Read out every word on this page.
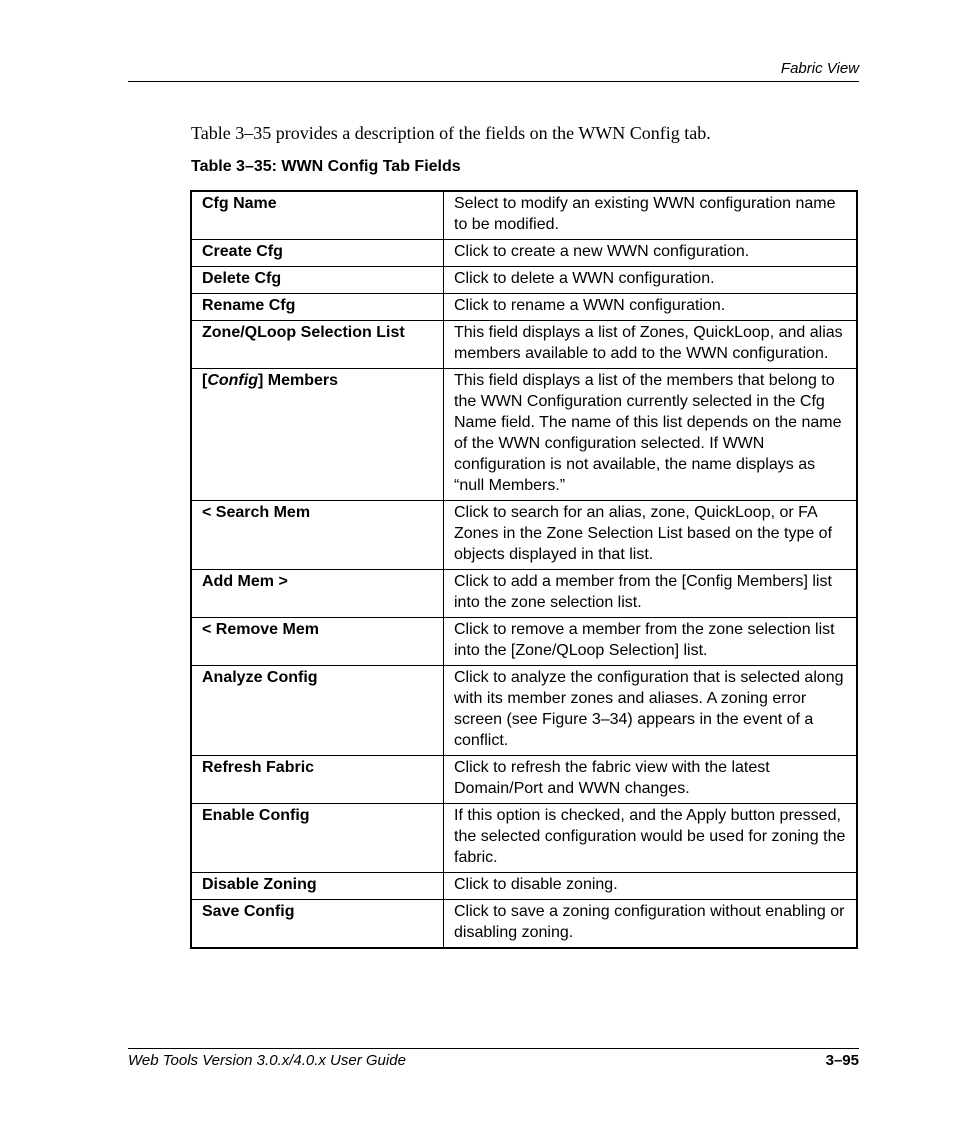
Fabric View
Table 3–35 provides a description of the fields on the WWN Config tab.
Table 3–35: WWN Config Tab Fields
Cfg Name	Select to modify an existing WWN configuration name to be modified.
Create Cfg	Click to create a new WWN configuration.
Delete Cfg	Click to delete a WWN configuration.
Rename Cfg	Click to rename a WWN configuration.
Zone/QLoop Selection List	This field displays a list of Zones, QuickLoop, and alias members available to add to the WWN configuration.
[Config] Members	This field displays a list of the members that belong to the WWN Configuration currently selected in the Cfg Name field. The name of this list depends on the name of the WWN configuration selected. If WWN configuration is not available, the name displays as “null Members.”
< Search Mem	Click to search for an alias, zone, QuickLoop, or FA Zones in the Zone Selection List based on the type of objects displayed in that list.
Add Mem >	Click to add a member from the [Config Members] list into the zone selection list.
< Remove Mem	Click to remove a member from the zone selection list into the [Zone/QLoop Selection] list.
Analyze Config	Click to analyze the configuration that is selected along with its member zones and aliases. A zoning error screen (see Figure 3–34) appears in the event of a conflict.
Refresh Fabric	Click to refresh the fabric view with the latest Domain/Port and WWN changes.
Enable Config	If this option is checked, and the Apply button pressed, the selected configuration would be used for zoning the fabric.
Disable Zoning	Click to disable zoning.
Save Config	Click to save a zoning configuration without enabling or disabling zoning.
Web Tools Version 3.0.x/4.0.x User Guide	3–95
